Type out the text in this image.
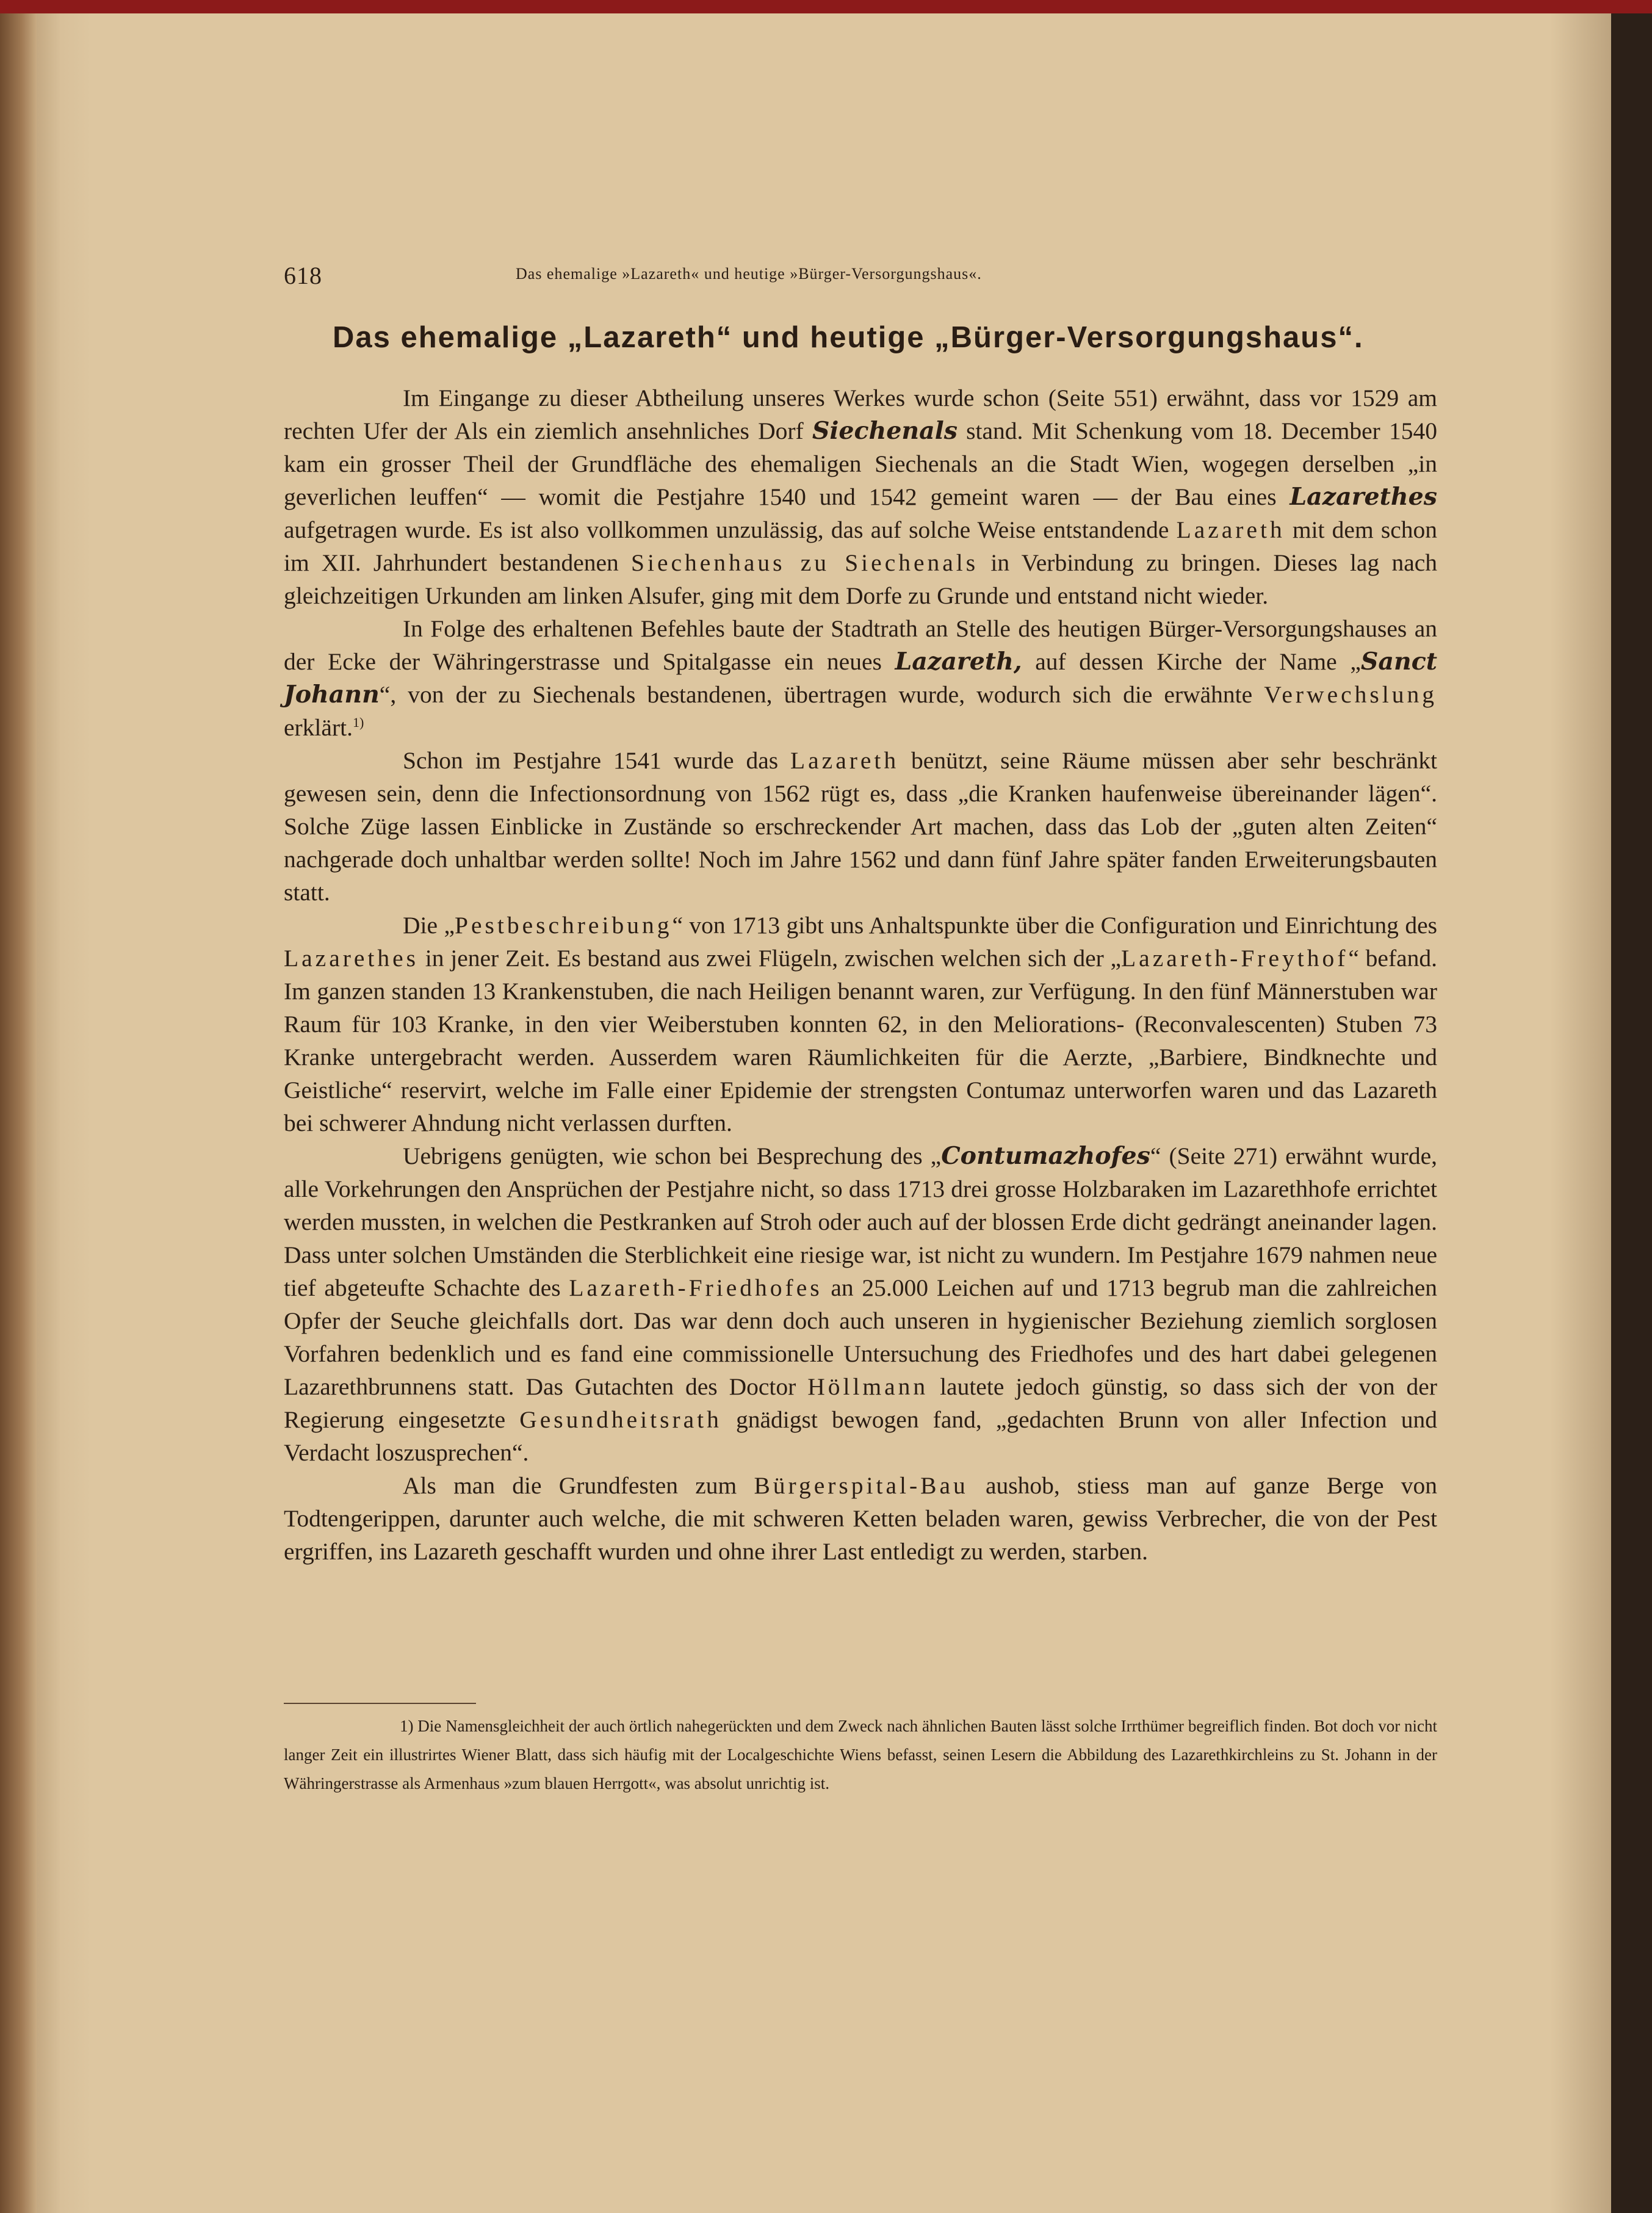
618	Das ehemalige »Lazareth« und heutige »Bürger-Versorgungshaus«.
Das ehemalige „Lazareth“ und heutige „Bürger-Versorgungshaus“.

Im Eingange zu dieser Abtheilung unseres Werkes wurde schon (Seite 551) erwähnt, dass vor 1529 am rechten Ufer der Als ein ziemlich ansehnliches Dorf Siechenals stand. Mit Schenkung vom 18. December 1540 kam ein grosser Theil der Grundfläche des ehemaligen Siechenals an die Stadt Wien, wogegen derselben „in geverlichen leuffen“ — womit die Pestjahre 1540 und 1542 gemeint waren — der Bau eines Lazarethes aufgetragen wurde. Es ist also vollkommen unzulässig, das auf solche Weise entstandende Lazareth mit dem schon im XII. Jahrhundert bestandenen Siechenhaus zu Siechenals in Verbindung zu bringen. Dieses lag nach gleichzeitigen Urkunden am linken Alsufer, ging mit dem Dorfe zu Grunde und entstand nicht wieder.

In Folge des erhaltenen Befehles baute der Stadtrath an Stelle des heutigen Bürger-Versorgungshauses an der Ecke der Währingerstrasse und Spitalgasse ein neues Lazareth, auf dessen Kirche der Name „Sanct Johann“, von der zu Siechenals bestandenen, übertragen wurde, wodurch sich die erwähnte Verwechslung erklärt.$^{1)}$

Schon im Pestjahre 1541 wurde das Lazareth benützt, seine Räume müssen aber sehr beschränkt gewesen sein, denn die Infectionsordnung von 1562 rügt es, dass „die Kranken haufenweise übereinander lägen“. Solche Züge lassen Einblicke in Zustände so erschreckender Art machen, dass das Lob der „guten alten Zeiten“ nachgerade doch unhaltbar werden sollte! Noch im Jahre 1562 und dann fünf Jahre später fanden Erweiterungsbauten statt.

Die „Pestbeschreibung“ von 1713 gibt uns Anhaltspunkte über die Configuration und Einrichtung des Lazarethes in jener Zeit. Es bestand aus zwei Flügeln, zwischen welchen sich der „Lazareth-Freythof“ befand. Im ganzen standen 13 Krankenstuben, die nach Heiligen benannt waren, zur Verfügung. In den fünf Männerstuben war Raum für 103 Kranke, in den vier Weiberstuben konnten 62, in den Meliorations- (Reconvalescenten) Stuben 73 Kranke untergebracht werden. Ausserdem waren Räumlichkeiten für die Aerzte, „Barbiere, Bindknechte und Geistliche“ reservirt, welche im Falle einer Epidemie der strengsten Contumaz unterworfen waren und das Lazareth bei schwerer Ahndung nicht verlassen durften.

Uebrigens genügten, wie schon bei Besprechung des „Contumazhofes“ (Seite 271) erwähnt wurde, alle Vorkehrungen den Ansprüchen der Pestjahre nicht, so dass 1713 drei grosse Holzbaraken im Lazarethhofe errichtet werden mussten, in welchen die Pestkranken auf Stroh oder auch auf der blossen Erde dicht gedrängt aneinander lagen. Dass unter solchen Umständen die Sterblichkeit eine riesige war, ist nicht zu wundern. Im Pestjahre 1679 nahmen neue tief abgeteufte Schachte des Lazareth-Friedhofes an 25.000 Leichen auf und 1713 begrub man die zahlreichen Opfer der Seuche gleichfalls dort. Das war denn doch auch unseren in hygienischer Beziehung ziemlich sorglosen Vorfahren bedenklich und es fand eine commissionelle Untersuchung des Friedhofes und des hart dabei gelegenen Lazarethbrunnens statt. Das Gutachten des Doctor Höllmann lautete jedoch günstig, so dass sich der von der Regierung eingesetzte Gesundheitsrath gnädigst bewogen fand, „gedachten Brunn von aller Infection und Verdacht loszusprechen“.

Als man die Grundfesten zum Bürgerspital-Bau aushob, stiess man auf ganze Berge von Todtengerippen, darunter auch welche, die mit schweren Ketten beladen waren, gewiss Verbrecher, die von der Pest ergriffen, ins Lazareth geschafft wurden und ohne ihrer Last entledigt zu werden, starben.

1) Die Namensgleichheit der auch örtlich nahegerückten und dem Zweck nach ähnlichen Bauten lässt solche Irrthümer begreiflich finden. Bot doch vor nicht langer Zeit ein illustrirtes Wiener Blatt, dass sich häufig mit der Localgeschichte Wiens befasst, seinen Lesern die Abbildung des Lazarethkirchleins zu St. Johann in der Währingerstrasse als Armenhaus »zum blauen Herrgott«, was absolut unrichtig ist.
